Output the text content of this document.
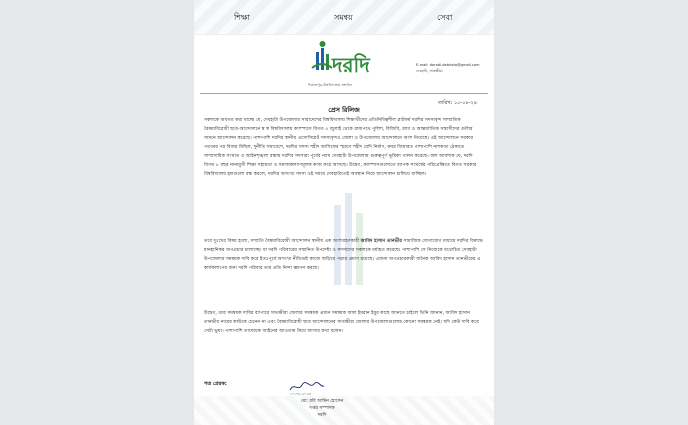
শিক্ষা	সমন্বয়	সেবা
দরদি
দিনাজপুর–বিশ্ববিদ্যালয় সংগঠন
E-mail: doradi.debhata@gmail.com
দেবহাটা, সাতক্ষীরা
তারিখ: ১০-০৮-২৪
প্রেস রিলিজ

সকলকে অবগত করা যাচ্ছে যে, দেবহাটা উপজেলার সারাদেশের বিশ্ববিদ্যালয় শিক্ষার্থীদের প্রতিনিধিত্বশীল প্লাটফর্ম দরদির সদস্যবৃন্দ সাম্প্রতিক বৈষম্যবিরোধী ছাত্র-আন্দোলনে স্ব স্ব বিশ্ববিদ্যালয় ক্যাম্পাসে বিগত ৫ জুলাই থেকে রাজপথে পুলিশ, বিজিবি, র‍্যাব ও আন্তর্জাতিক সন্ত্রাসীদের গুলির সামনে আন্দোলন করেছে। পাশাপাশি দরদির স্থানীয় এসোসিয়েট সদস্যবৃন্দও জেলা ও উপজেলায় আন্দোলনে অংশ নিয়েছে। এই আন্দোলনে সরকার পতনের পর বিজয় মিছিল, দুর্নীতি সমাবেশে, দরদির সদস্য শহীদ আসিফের স্মরণে শহীদ বেদি নির্মাণ, কবর জিয়ারত পাশাপাশি নাশকতা ঠেকাতে সাম্প্রদায়িক সংঘাত ও আইনশৃঙ্খলা রক্ষায় দরদির সদস্যরা পূর্বের ন্যায় দেবহাটা উপজেলায় গুরুত্বপূর্ণ ভূমিকা পালন করেছে। বলা আবশ্যক যে, দরদি বিগত ৮ বছর নানামুখী শিক্ষা সহায়তা ও সমাজকল্যাণমূলক কাজ করে আসছে। উদ্বেগ, ক্যাম্পাসগুলোতে ব্যাপক সংঘর্ষের পরিপ্রেক্ষিতে বিগত সরকার বিশ্ববিদ্যালয় হলগুলো বন্ধ করলে, দরদির অসংখ্য সদস্য ওই সময়ে দেবহাটাতেই অবস্থান নিয়ে আন্দোলন চালিয়ে যাচ্ছিল।

তবে দুঃখের বিষয় হলো, সম্প্রতি বৈষম্যবিরোধী আন্দোলন স্থানীয় এক অংশগ্রহণকারী আবিদ হাসান তানভীর সামাজিক যোগাযোগ মাধ্যমে দরদির বিরুদ্ধে মানহানিকর অপপ্রচার চালাচ্ছে। যা দরদি পরিবারের সম্মানিত উপদেষ্টা ও সদস্যদের সকলকে মর্মাহত করেছে। পাশাপাশি সে নিজেকে যথোচিত দেবহাটা উপজেলার সমন্বয়ক দাবি করে ইতঃপূর্বে অসংখ্য নীতিভ্রষ্ট কাজে জড়িয়ে পড়ার প্রমাণ রয়েছে। এজন্য অপপ্রচারকারী জনৈক আবিদ হাসান তানভীরের এ কার্যকলাপের জন্য দরদি পরিবার তার প্রতি নিন্দা জ্ঞাপন করছে।

উদ্বেগ, তার সমন্বয়ক দাবির ব্যাপারে সাতক্ষীরা জেলার সমন্বয়ক প্রধান সমন্বয়ক আল ইমরান ইমুর কাছে জানতে চাইলে তিনি জানান, আবিদ হাসান তানভীর নামের কাউকে চেনেন না এবং বৈষম্যবিরোধী ছাত্র আন্দোলনের সাতক্ষীরা জেলার উপজেলাগুলোর কোনো সমন্বয়ক নেই। যদি কেউ দাবি করে সেটা ভুয়া। পাশাপাশি তাদেরকে আইনের আওতায় নিয়ে আসার কথা বলেন।

পত্র প্রেরক:
১০-০৮-২০২৪
মো: রবি আমিন হোসেন
দপ্তর সম্পাদক
দরদি
